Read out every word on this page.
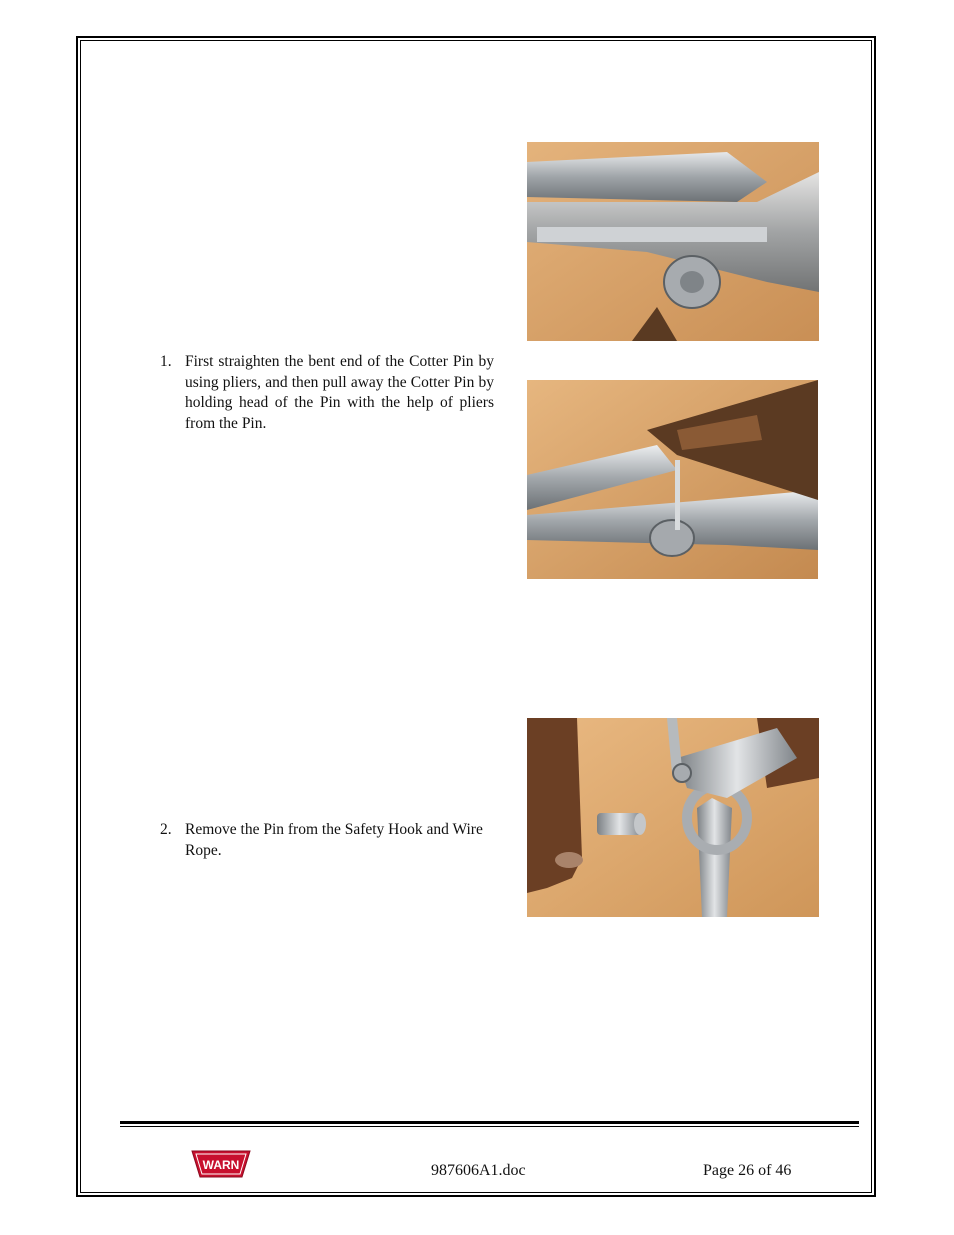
1. First straighten the bent end of the Cotter Pin by using pliers, and then pull away the Cotter Pin by holding head of the Pin with the help of pliers from the Pin.
2. Remove the Pin from the Safety Hook and Wire Rope.
WARN	987606A1.doc	Page 26 of 46
